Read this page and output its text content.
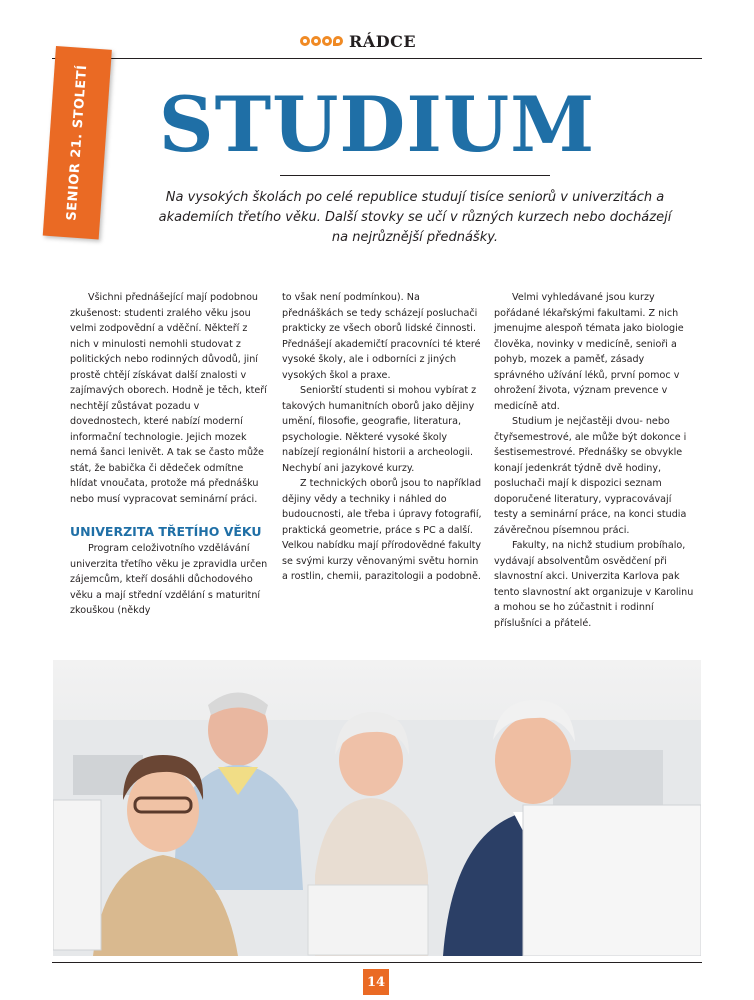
RÁDCE
SENIOR 21. STOLETÍ STUDIUM
Na vysokých školách po celé republice studují tisíce seniorů v univerzitách a akademiích třetího věku. Další stovky se učí v různých kurzech nebo docházejí na nejrůznější přednášky.

Všichni přednášející mají podobnou zkušenost: studenti zralého věku jsou velmi zodpovědní a vděční. Někteří z nich v minulosti nemohli studovat z politických nebo rodinných důvodů, jiní prostě chtějí získávat další znalosti v zajímavých oborech. Hodně je těch, kteří nechtějí zůstávat pozadu v dovednostech, které nabízí moderní informační technologie. Jejich mozek nemá šanci lenivět. A tak se často může stát, že babička či dědeček odmítne hlídat vnoučata, protože má přednášku nebo musí vypracovat seminární práci.

UNIVERZITA TŘETÍHO VĚKU

Program celoživotního vzdělávání univerzita třetího věku je zpravidla určen zájemcům, kteří dosáhli důchodového věku a mají střední vzdělání s maturitní zkouškou (někdy

to však není podmínkou). Na přednáškách se tedy scházejí posluchači prakticky ze všech oborů lidské činnosti. Přednášejí akademičtí pracovníci té které vysoké školy, ale i odborníci z jiných vysokých škol a praxe.

Seniorští studenti si mohou vybírat z takových humanitních oborů jako dějiny umění, filosofie, geografie, literatura, psychologie. Některé vysoké školy nabízejí regionální historii a archeologii. Nechybí ani jazykové kurzy.

Z technických oborů jsou to například dějiny vědy a techniky i náhled do budoucnosti, ale třeba i úpravy fotografií, praktická geometrie, práce s PC a další. Velkou nabídku mají přírodovědné fakulty se svými kurzy věnovanými světu hornin a rostlin, chemii, parazitologii a podobně.

Velmi vyhledávané jsou kurzy pořádané lékařskými fakultami. Z nich jmenujme alespoň témata jako biologie člověka, novinky v medicíně, senioři a pohyb, mozek a paměť, zásady správného užívání léků, první pomoc v ohrožení života, význam prevence v medicíně atd.

Studium je nejčastěji dvou- nebo čtyřsemestrové, ale může být dokonce i šestisemestrové. Přednášky se obvykle konají jedenkrát týdně dvě hodiny, posluchači mají k dispozici seznam doporučené literatury, vypracovávají testy a seminární práce, na konci studia závěrečnou písemnou práci.

Fakulty, na nichž studium probíhalo, vydávají absolventům osvědčení při slavnostní akci. Univerzita Karlova pak tento slavnostní akt organizuje v Karolinu a mohou se ho zúčastnit i rodinní příslušníci a přátelé.

14
